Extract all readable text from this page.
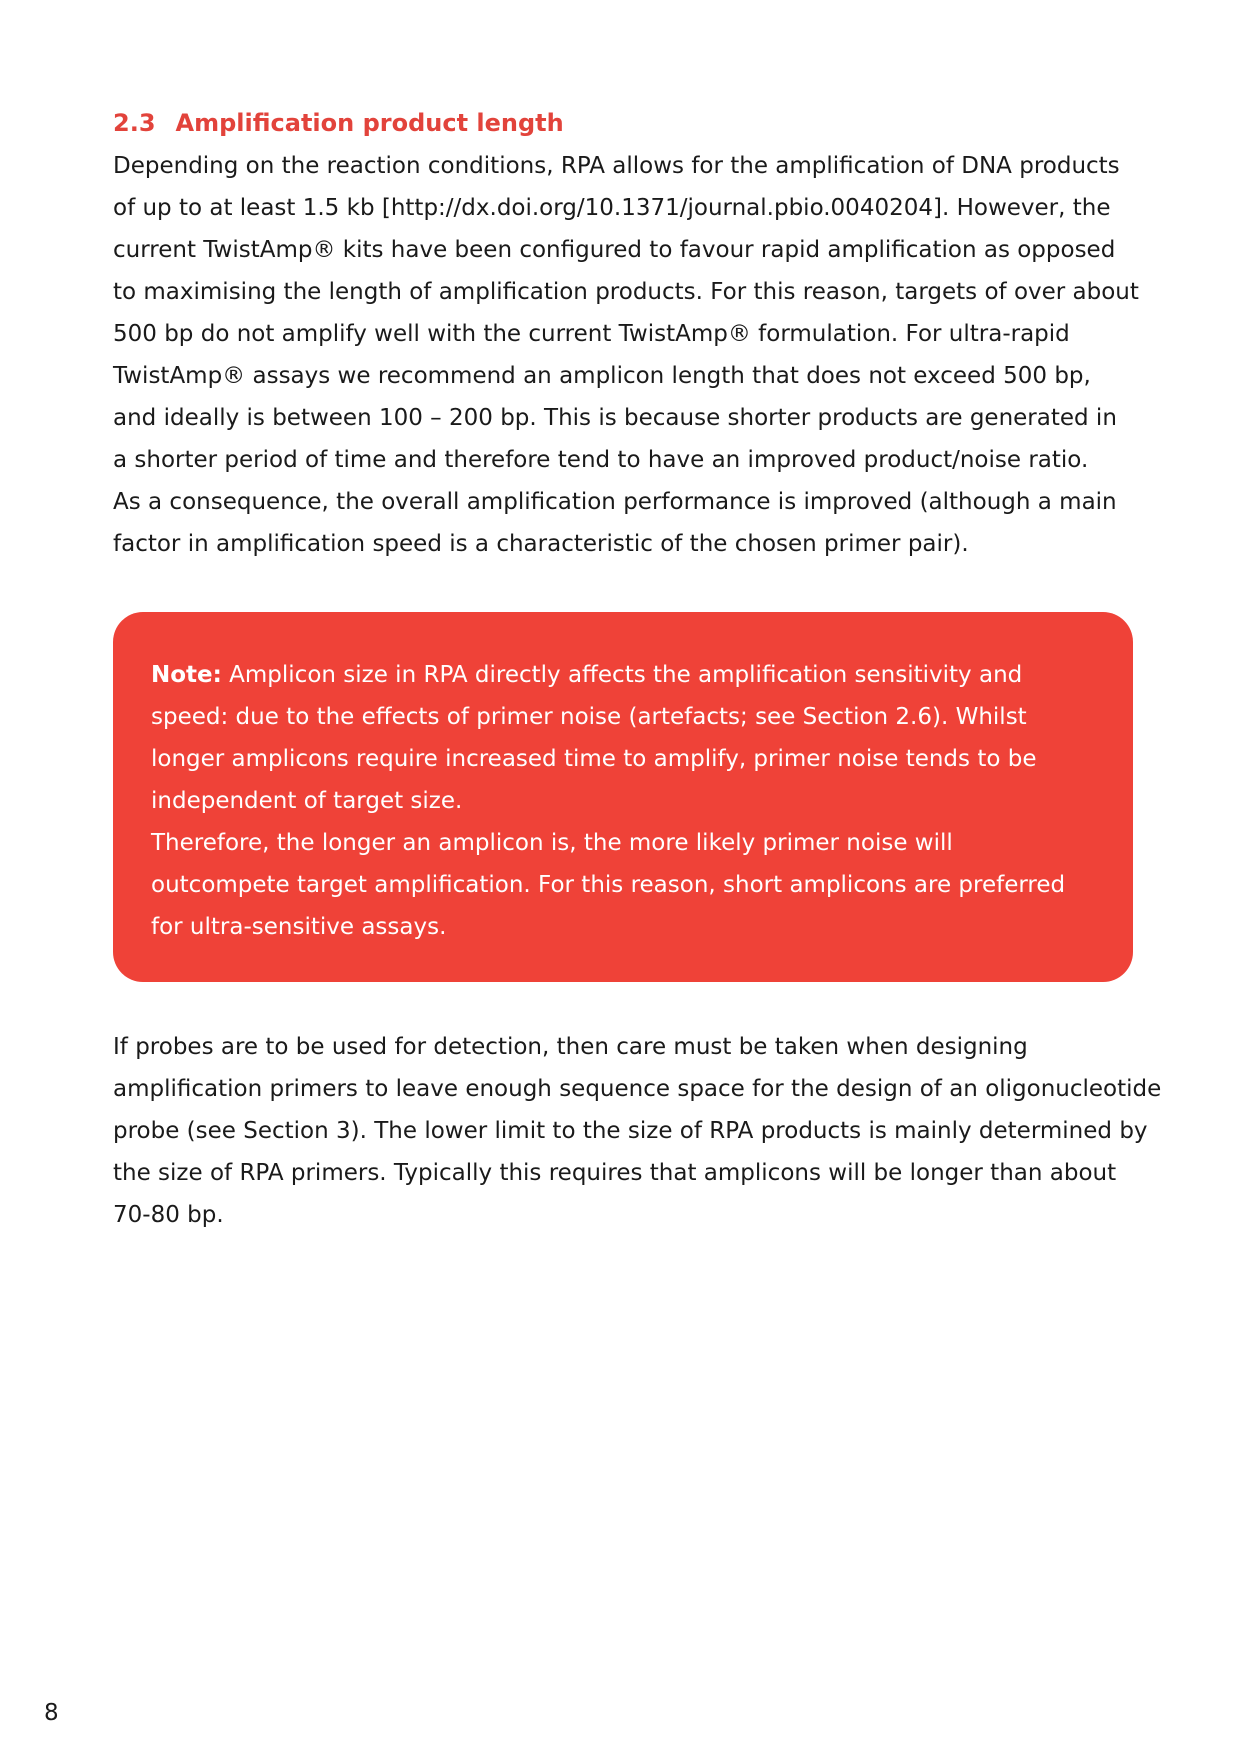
2.3 Amplification product length

Depending on the reaction conditions, RPA allows for the amplification of DNA products
of up to at least 1.5 kb [http://dx.doi.org/10.1371/journal.pbio.0040204]. However, the
current TwistAmp® kits have been configured to favour rapid amplification as opposed
to maximising the length of amplification products. For this reason, targets of over about
500 bp do not amplify well with the current TwistAmp® formulation. For ultra-rapid
TwistAmp® assays we recommend an amplicon length that does not exceed 500 bp,
and ideally is between 100 – 200 bp. This is because shorter products are generated in
a shorter period of time and therefore tend to have an improved product/noise ratio.
As a consequence, the overall amplification performance is improved (although a main
factor in amplification speed is a characteristic of the chosen primer pair).

Note: Amplicon size in RPA directly affects the amplification sensitivity and
speed: due to the effects of primer noise (artefacts; see Section 2.6). Whilst
longer amplicons require increased time to amplify, primer noise tends to be
independent of target size.
Therefore, the longer an amplicon is, the more likely primer noise will
outcompete target amplification. For this reason, short amplicons are preferred
for ultra-sensitive assays.

If probes are to be used for detection, then care must be taken when designing
amplification primers to leave enough sequence space for the design of an oligonucleotide
probe (see Section 3). The lower limit to the size of RPA products is mainly determined by
the size of RPA primers. Typically this requires that amplicons will be longer than about
70-80 bp.

8
